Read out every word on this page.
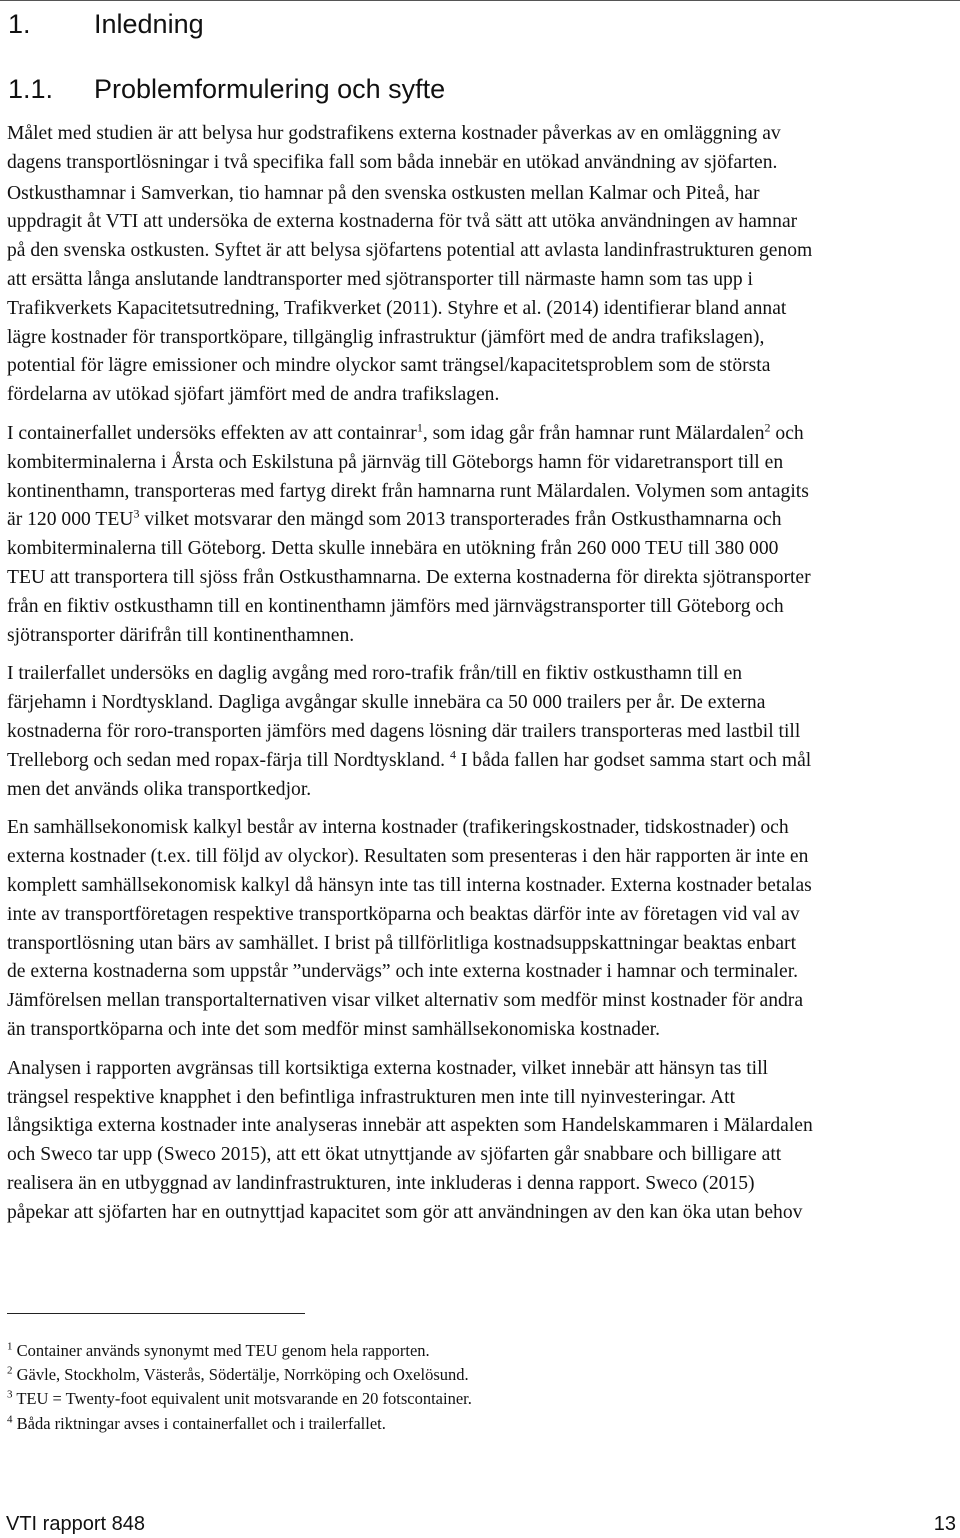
1. Inledning
1.1. Problemformulering och syfte

Målet med studien är att belysa hur godstrafikens externa kostnader påverkas av en omläggning av
dagens transportlösningar i två specifika fall som båda innebär en utökad användning av sjöfarten.

Ostkusthamnar i Samverkan, tio hamnar på den svenska ostkusten mellan Kalmar och Piteå, har
uppdragit åt VTI att undersöka de externa kostnaderna för två sätt att utöka användningen av hamnar
på den svenska ostkusten. Syftet är att belysa sjöfartens potential att avlasta landinfrastrukturen genom
att ersätta långa anslutande landtransporter med sjötransporter till närmaste hamn som tas upp i
Trafikverkets Kapacitetsutredning, Trafikverket (2011). Styhre et al. (2014) identifierar bland annat
lägre kostnader för transportköpare, tillgänglig infrastruktur (jämfört med de andra trafikslagen),
potential för lägre emissioner och mindre olyckor samt trängsel/kapacitetsproblem som de största
fördelarna av utökad sjöfart jämfört med de andra trafikslagen.

I containerfallet undersöks effekten av att containrar$^1$, som idag går från hamnar runt Mälardalen$^2$ och
kombiterminalerna i Årsta och Eskilstuna på järnväg till Göteborgs hamn för vidaretransport till en
kontinenthamn, transporteras med fartyg direkt från hamnarna runt Mälardalen. Volymen som antagits
är 120 000 TEU$^3$ vilket motsvarar den mängd som 2013 transporterades från Ostkusthamnarna och
kombiterminalerna till Göteborg. Detta skulle innebära en utökning från 260 000 TEU till 380 000
TEU att transportera till sjöss från Ostkusthamnarna. De externa kostnaderna för direkta sjötransporter
från en fiktiv ostkusthamn till en kontinenthamn jämförs med järnvägstransporter till Göteborg och
sjötransporter därifrån till kontinenthamnen.

I trailerfallet undersöks en daglig avgång med roro-trafik från/till en fiktiv ostkusthamn till en
färjehamn i Nordtyskland. Dagliga avgångar skulle innebära ca 50 000 trailers per år. De externa
kostnaderna för roro-transporten jämförs med dagens lösning där trailers transporteras med lastbil till
Trelleborg och sedan med ropax-färja till Nordtyskland. $^4$ I båda fallen har godset samma start och mål
men det används olika transportkedjor.

En samhällsekonomisk kalkyl består av interna kostnader (trafikeringskostnader, tidskostnader) och
externa kostnader (t.ex. till följd av olyckor). Resultaten som presenteras i den här rapporten är inte en
komplett samhällsekonomisk kalkyl då hänsyn inte tas till interna kostnader. Externa kostnader betalas
inte av transportföretagen respektive transportköparna och beaktas därför inte av företagen vid val av
transportlösning utan bärs av samhället. I brist på tillförlitliga kostnadsuppskattningar beaktas enbart
de externa kostnaderna som uppstår ”undervägs” och inte externa kostnader i hamnar och terminaler.
Jämförelsen mellan transportalternativen visar vilket alternativ som medför minst kostnader för andra
än transportköparna och inte det som medför minst samhällsekonomiska kostnader.

Analysen i rapporten avgränsas till kortsiktiga externa kostnader, vilket innebär att hänsyn tas till
trängsel respektive knapphet i den befintliga infrastrukturen men inte till nyinvesteringar. Att
långsiktiga externa kostnader inte analyseras innebär att aspekten som Handelskammaren i Mälardalen
och Sweco tar upp (Sweco 2015), att ett ökat utnyttjande av sjöfarten går snabbare och billigare att
realisera än en utbyggnad av landinfrastrukturen, inte inkluderas i denna rapport. Sweco (2015)
påpekar att sjöfarten har en outnyttjad kapacitet som gör att användningen av den kan öka utan behov

$^1$ Container används synonymt med TEU genom hela rapporten.

$^2$ Gävle, Stockholm, Västerås, Södertälje, Norrköping och Oxelösund.

$^3$ TEU = Twenty-foot equivalent unit motsvarande en 20 fotscontainer.

$^4$ Båda riktningar avses i containerfallet och i trailerfallet.

VTI rapport 848	13
